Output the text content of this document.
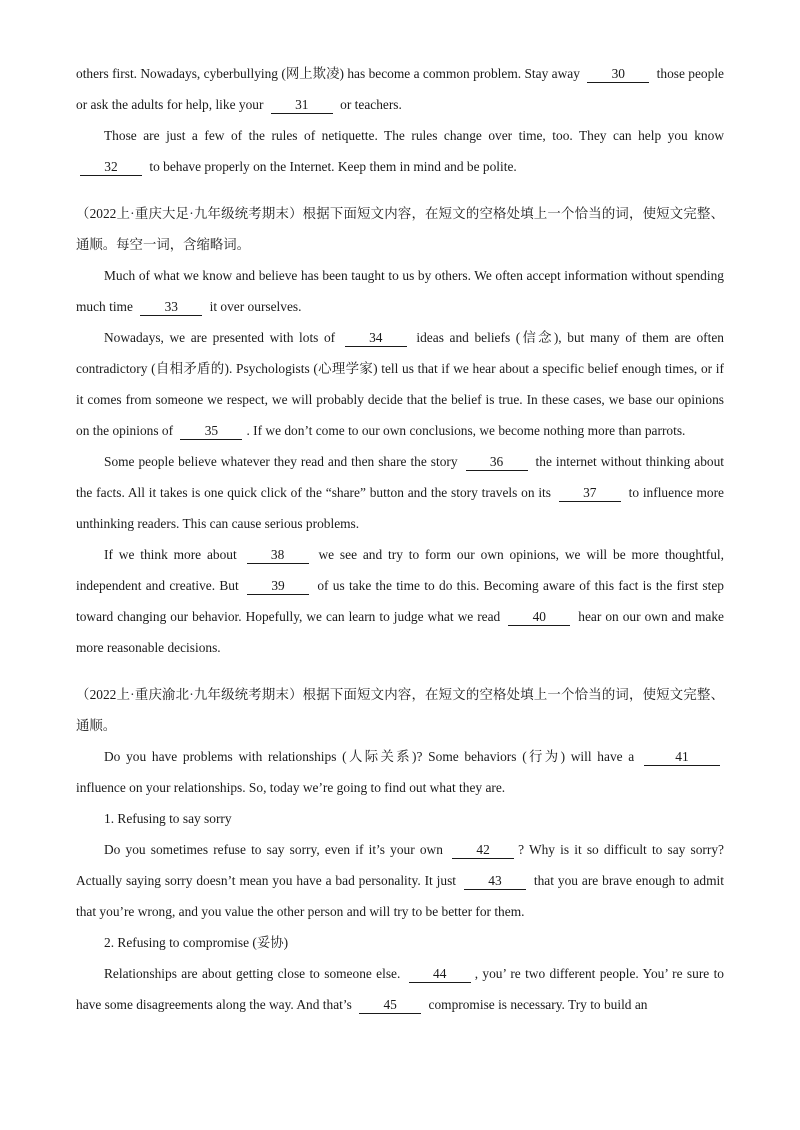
others first. Nowadays, cyberbullying (网上欺凌) has become a common problem. Stay away 30 those people or ask the adults for help, like your 31 or teachers.

Those are just a few of the rules of netiquette. The rules change over time, too. They can help you know 32 to behave properly on the Internet. Keep them in mind and be polite.

（2022上·重庆大足·九年级统考期末）根据下面短文内容，在短文的空格处填上一个恰当的词，使短文完整、通顺。每空一词，含缩略词。

Much of what we know and believe has been taught to us by others. We often accept information without spending much time 33 it over ourselves.

Nowadays, we are presented with lots of	34	ideas and beliefs (信念), but many of them are often contradictory (自相矛盾的). Psychologists (心理学家) tell us that if we hear about a specific belief enough times, or if it comes from someone we respect, we will probably decide that the belief is true. In these cases, we base our opinions on the opinions of 35 . If we don’t come to our own conclusions, we become nothing more than parrots.

Some people believe whatever they read and then share the story 36 the internet without thinking about the facts. All it takes is one quick click of the “share” button and the story travels on its 37 to influence more unthinking readers. This can cause serious problems.

If we think more about	38	we see and try to form our own opinions, we will be more thoughtful, independent and creative. But 39 of us take the time to do this. Becoming aware of this fact is the first step toward changing our behavior. Hopefully, we can learn to judge what we read 40 hear on our own and make more reasonable decisions.

（2022上·重庆渝北·九年级统考期末）根据下面短文内容，在短文的空格处填上一个恰当的词，使短文完整、通顺。

Do you have problems with relationships (人际关系)? Some behaviors (行为) will have a	41 influence on your relationships. So, today we’re going to find out what they are.

1. Refusing to say sorry

Do you sometimes refuse to say sorry, even if it’s your own 42 ? Why is it so difficult to say sorry? Actually saying sorry doesn’t mean you have a bad personality. It just 43 that you are brave enough to admit that you’re wrong, and you value the other person and will try to be better for them.

2. Refusing to compromise (妥协)

Relationships are about getting close to someone else. 44 , you’ re two different people. You’ re sure to have some disagreements along the way. And that’s 45 compromise is necessary. Try to build an
